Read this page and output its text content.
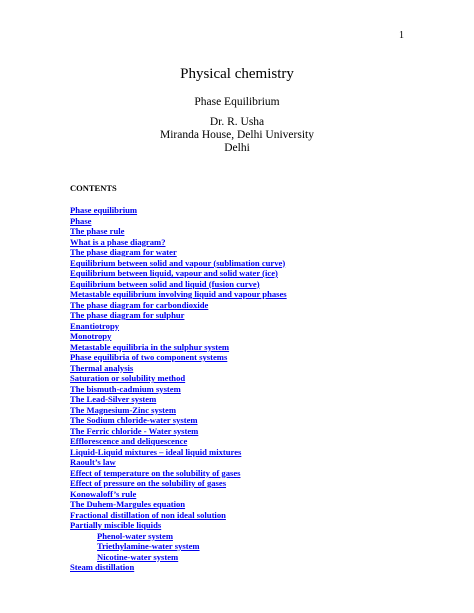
1
Physical chemistry
Phase Equilibrium
Dr. R. Usha
Miranda House, Delhi University
Delhi
CONTENTS
Phase equilibrium
Phase
The phase rule
What is a phase diagram?
The phase diagram for water
Equilibrium between solid and vapour (sublimation curve)
Equilibrium between liquid, vapour and solid water (ice)
Equilibrium between solid and liquid (fusion curve)
Metastable equilibrium involving liquid and vapour phases
The phase diagram for carbondioxide
The phase diagram for sulphur
Enantiotropy
Monotropy
Metastable equilibria in the sulphur system
Phase equilibria of two component systems
Thermal analysis
Saturation or solubility method
The bismuth-cadmium system
The Lead-Silver system
The Magnesium-Zinc system
The Sodium chloride-water system
The Ferric chloride - Water system
Efflorescence and deliquescence
Liquid-Liquid mixtures – ideal liquid mixtures
Raoult’s law
Effect of temperature on the solubility of gases
Effect of pressure on the solubility of gases
Konowaloff’s rule
The Duhem-Margules equation
Fractional distillation of non ideal solution
Partially miscible liquids
Phenol-water system
Triethylamine-water system
Nicotine-water system
Steam distillation
